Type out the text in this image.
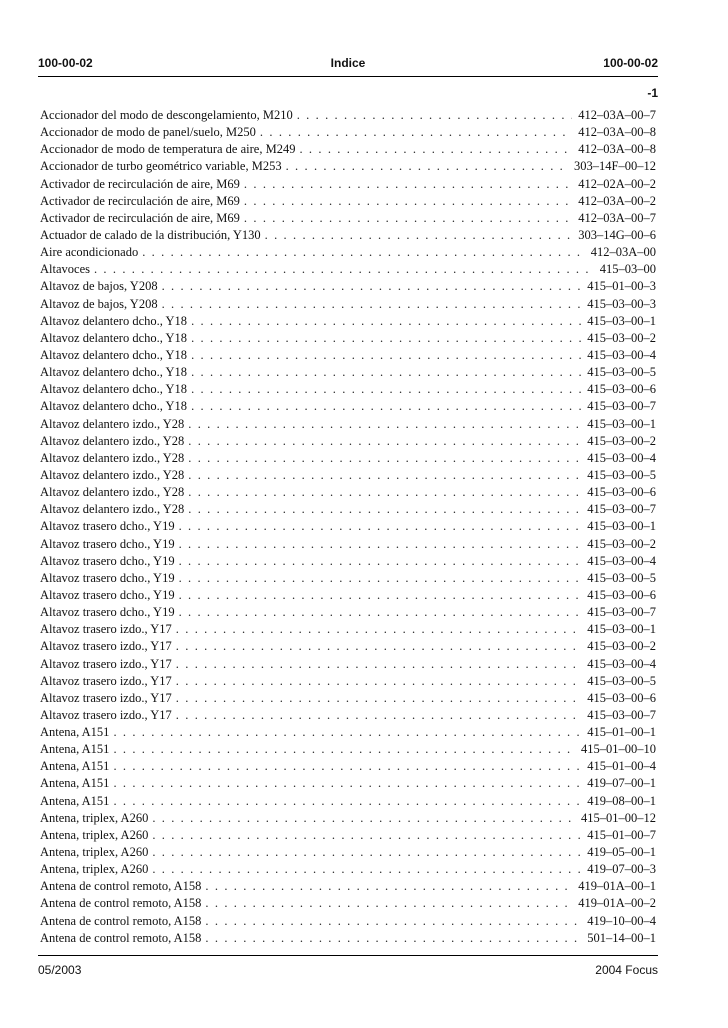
100-00-02	Indice	100-00-02
-1
Accionador del modo de descongelamiento, M210 . . .	412–03A–00–7
Accionador de modo de panel/suelo, M250 . . .	412–03A–00–8
Accionador de modo de temperatura de aire, M249 . . .	412–03A–00–8
Accionador de turbo geométrico variable, M253 . . .	303–14F–00–12
Activador de recirculación de aire, M69 . . .	412–02A–00–2
Activador de recirculación de aire, M69 . . .	412–03A–00–2
Activador de recirculación de aire, M69 . . .	412–03A–00–7
Actuador de calado de la distribución, Y130 . . .	303–14G–00–6
Aire acondicionado . . .	412–03A–00
Altavoces . . .	415–03–00
Altavoz de bajos, Y208 . . .	415–01–00–3
Altavoz de bajos, Y208 . . .	415–03–00–3
Altavoz delantero dcho., Y18 . . .	415–03–00–1
Altavoz delantero dcho., Y18 . . .	415–03–00–2
Altavoz delantero dcho., Y18 . . .	415–03–00–4
Altavoz delantero dcho., Y18 . . .	415–03–00–5
Altavoz delantero dcho., Y18 . . .	415–03–00–6
Altavoz delantero dcho., Y18 . . .	415–03–00–7
Altavoz delantero izdo., Y28 . . .	415–03–00–1
Altavoz delantero izdo., Y28 . . .	415–03–00–2
Altavoz delantero izdo., Y28 . . .	415–03–00–4
Altavoz delantero izdo., Y28 . . .	415–03–00–5
Altavoz delantero izdo., Y28 . . .	415–03–00–6
Altavoz delantero izdo., Y28 . . .	415–03–00–7
Altavoz trasero dcho., Y19 . . .	415–03–00–1
Altavoz trasero dcho., Y19 . . .	415–03–00–2
Altavoz trasero dcho., Y19 . . .	415–03–00–4
Altavoz trasero dcho., Y19 . . .	415–03–00–5
Altavoz trasero dcho., Y19 . . .	415–03–00–6
Altavoz trasero dcho., Y19 . . .	415–03–00–7
Altavoz trasero izdo., Y17 . . .	415–03–00–1
Altavoz trasero izdo., Y17 . . .	415–03–00–2
Altavoz trasero izdo., Y17 . . .	415–03–00–4
Altavoz trasero izdo., Y17 . . .	415–03–00–5
Altavoz trasero izdo., Y17 . . .	415–03–00–6
Altavoz trasero izdo., Y17 . . .	415–03–00–7
Antena, A151 . . .	415–01–00–1
Antena, A151 . . .	415–01–00–10
Antena, A151 . . .	415–01–00–4
Antena, A151 . . .	419–07–00–1
Antena, A151 . . .	419–08–00–1
Antena, triplex, A260 . . .	415–01–00–12
Antena, triplex, A260 . . .	415–01–00–7
Antena, triplex, A260 . . .	419–05–00–1
Antena, triplex, A260 . . .	419–07–00–3
Antena de control remoto, A158 . . .	419–01A–00–1
Antena de control remoto, A158 . . .	419–01A–00–2
Antena de control remoto, A158 . . .	419–10–00–4
Antena de control remoto, A158 . . .	501–14–00–1
05/2003	2004 Focus
